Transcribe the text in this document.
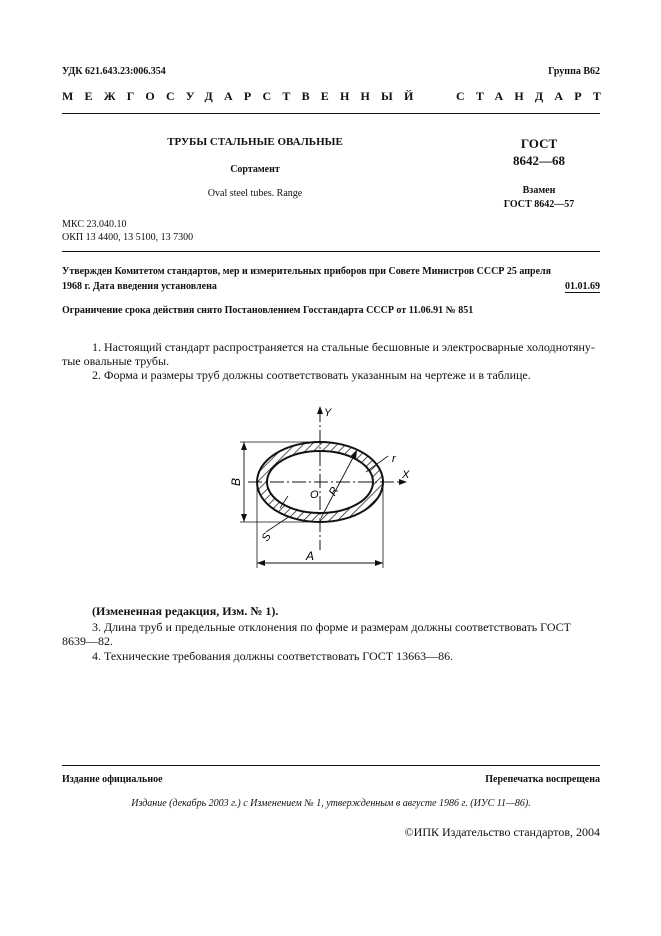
УДК 621.643.23:006.354	Группа В62
МЕЖГОСУДАРСТВЕННЫЙ	СТАНДАРТ
ТРУБЫ СТАЛЬНЫЕ ОВАЛЬНЫЕ
Сортамент
Oval steel tubes. Range
ГОСТ
8642—68
Взамен
ГОСТ 8642—57
МКС 23.040.10
ОКП 13 4400, 13 5100, 13 7300
Утвержден Комитетом стандартов, мер и измерительных приборов при Совете Министров СССР 25 апреля
1968 г. Дата введения установлена	01.01.69
Ограничение срока действия снято Постановлением Госстандарта СССР от 11.06.91 № 851
1. Настоящий стандарт распространяется на стальные бесшовные и электросварные холоднотяну-
тые овальные трубы.
2. Форма и размеры труб должны соответствовать указанным на чертеже и в таблице.
Y
X
B
A
O R
r
S
(Измененная редакция, Изм. № 1).
3. Длина труб и предельные отклонения по форме и размерам должны соответствовать ГОСТ
8639—82.
4. Технические требования должны соответствовать ГОСТ 13663—86.
Издание официальное	Перепечатка воспрещена
Издание (декабрь 2003 г.) с Изменением № 1, утвержденным в августе 1986 г. (ИУС 11—86).
©ИПК Издательство стандартов, 2004
